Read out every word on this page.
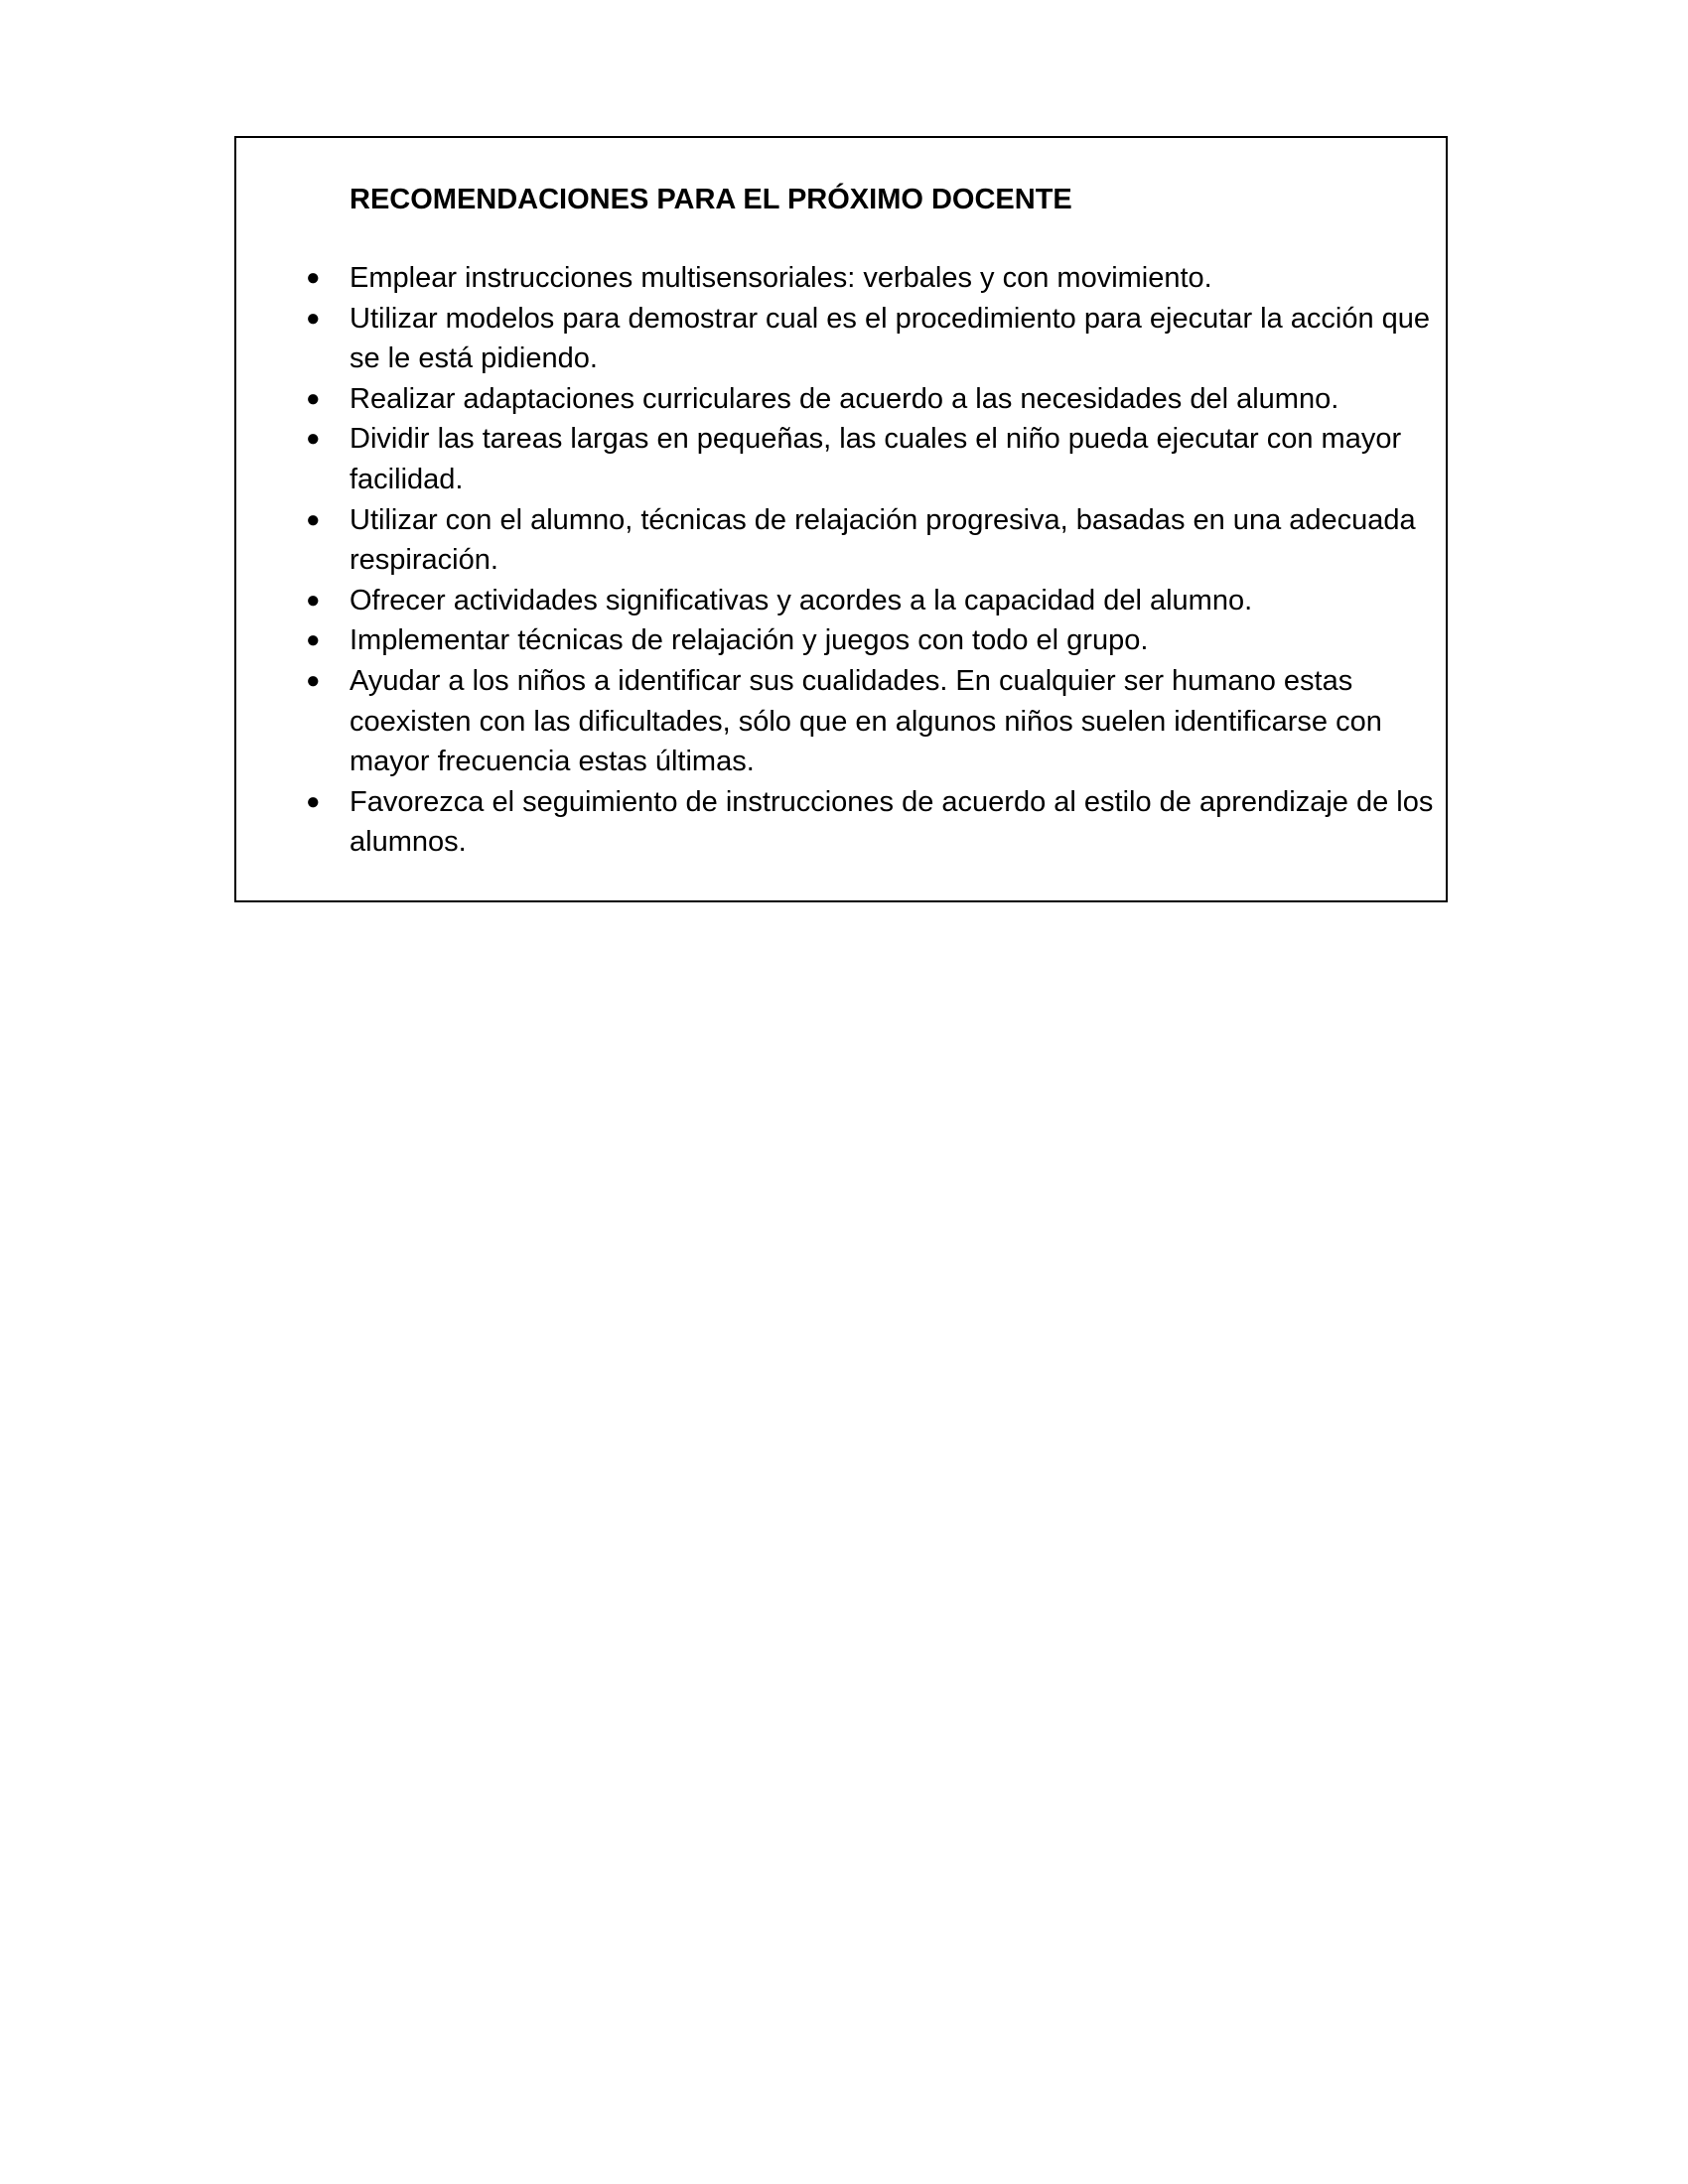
RECOMENDACIONES PARA EL PRÓXIMO DOCENTE
● Emplear instrucciones multisensoriales: verbales y con movimiento.
● Utilizar modelos para demostrar cual es el procedimiento para ejecutar la acción que se le está pidiendo.
● Realizar adaptaciones curriculares de acuerdo a las necesidades del alumno.
● Dividir las tareas largas en pequeñas, las cuales el niño pueda ejecutar con mayor facilidad.
● Utilizar con el alumno, técnicas de relajación progresiva, basadas en una adecuada respiración.
● Ofrecer actividades significativas y acordes a la capacidad del alumno.
● Implementar técnicas de relajación y juegos con todo el grupo.
● Ayudar a los niños a identificar sus cualidades. En cualquier ser humano estas coexisten con las dificultades, sólo que en algunos niños suelen identificarse con mayor frecuencia estas últimas.
● Favorezca el seguimiento de instrucciones de acuerdo al estilo de aprendizaje de los alumnos.
